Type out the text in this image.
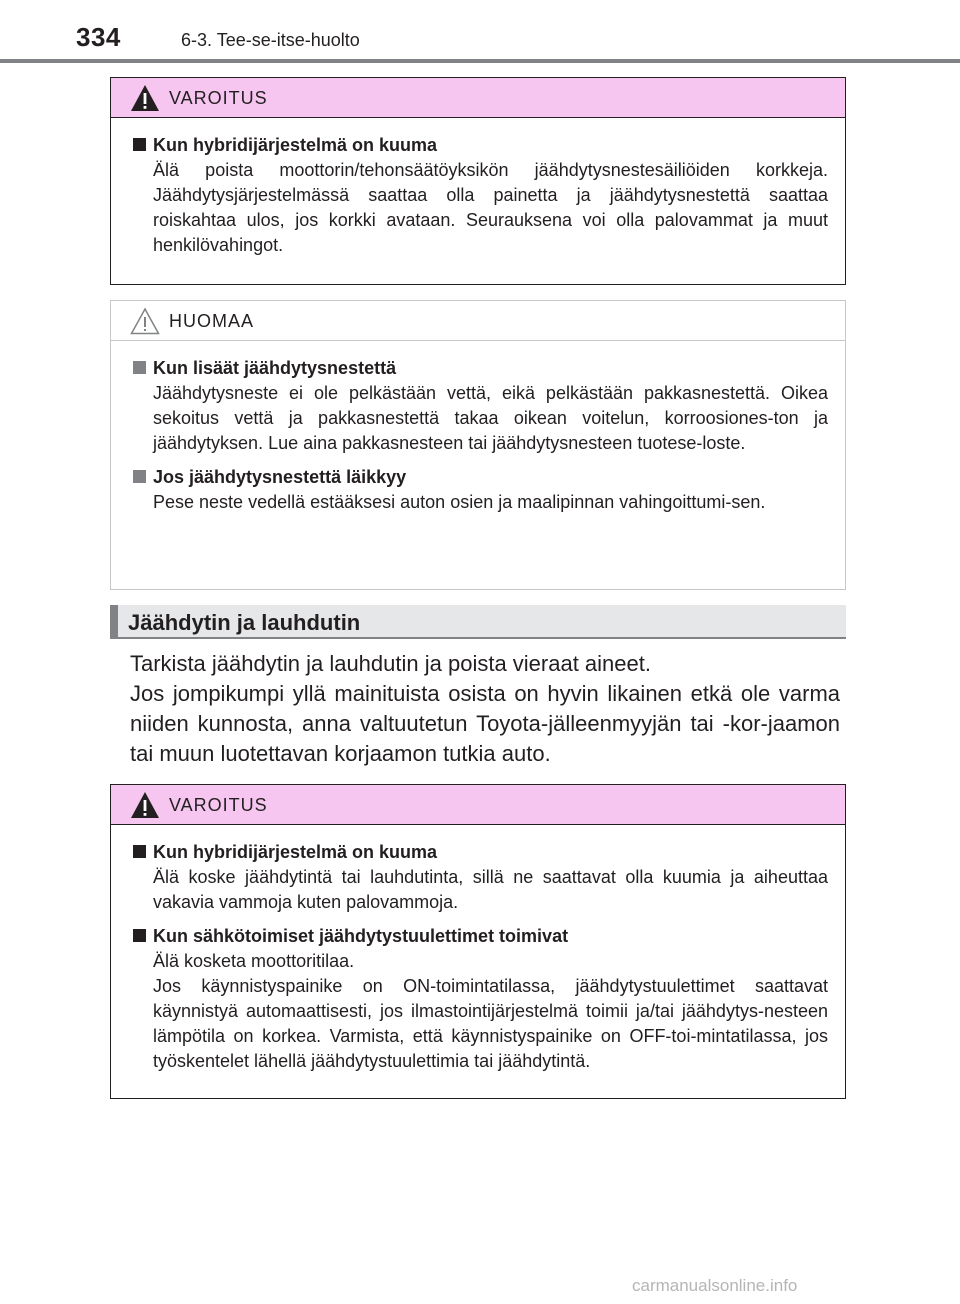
334	6-3. Tee-se-itse-huolto
VAROITUS
Kun hybridijärjestelmä on kuuma
Älä poista moottorin/tehonsäätöyksikön jäähdytysnestesäiliöiden korkkeja. Jäähdytysjärjestelmässä saattaa olla painetta ja jäähdytysnestettä saattaa roiskahtaa ulos, jos korkki avataan. Seurauksena voi olla palovammat ja muut henkilövahingot.
HUOMAA
Kun lisäät jäähdytysnestettä
Jäähdytysneste ei ole pelkästään vettä, eikä pelkästään pakkasnestettä. Oikea sekoitus vettä ja pakkasnestettä takaa oikean voitelun, korroosiones-ton ja jäähdytyksen. Lue aina pakkasnesteen tai jäähdytysnesteen tuotese-loste.
Jos jäähdytysnestettä läikkyy
Pese neste vedellä estääksesi auton osien ja maalipinnan vahingoittumi-sen.
Jäähdytin ja lauhdutin

Tarkista jäähdytin ja lauhdutin ja poista vieraat aineet.

Jos jompikumpi yllä mainituista osista on hyvin likainen etkä ole varma niiden kunnosta, anna valtuutetun Toyota-jälleenmyyjän tai -kor-jaamon tai muun luotettavan korjaamon tutkia auto.

VAROITUS
Kun hybridijärjestelmä on kuuma
Älä koske jäähdytintä tai lauhdutinta, sillä ne saattavat olla kuumia ja aiheuttaa vakavia vammoja kuten palovammoja.
Kun sähkötoimiset jäähdytystuulettimet toimivat
Älä kosketa moottoritilaa.
Jos käynnistyspainike on ON-toimintatilassa, jäähdytystuulettimet saattavat käynnistyä automaattisesti, jos ilmastointijärjestelmä toimii ja/tai jäähdytys-nesteen lämpötila on korkea. Varmista, että käynnistyspainike on OFF-toi-mintatilassa, jos työskentelet lähellä jäähdytystuulettimia tai jäähdytintä.
carmanualsonline.info
